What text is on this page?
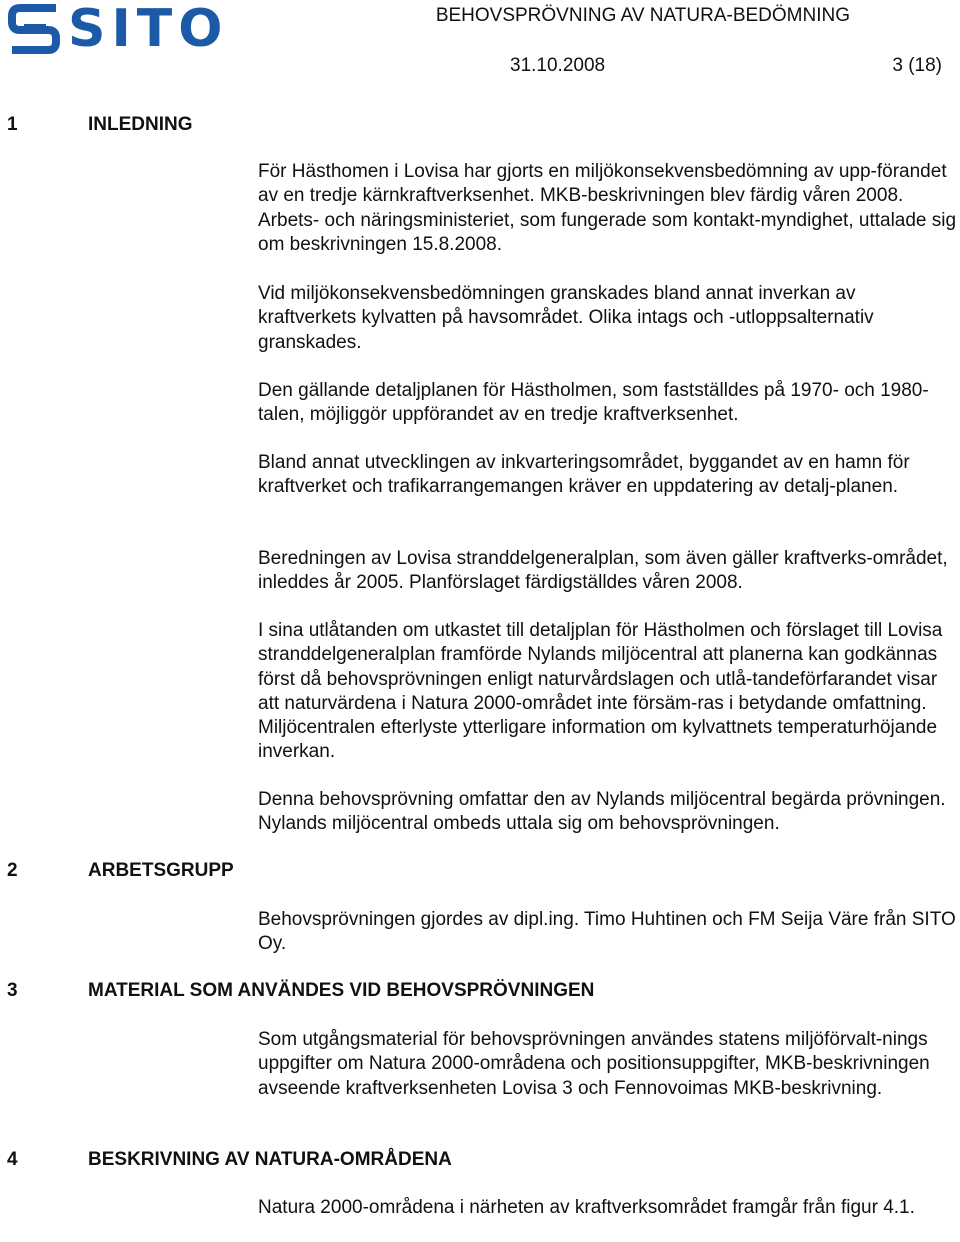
SITO	BEHOVSPRÖVNING AV NATURA-BEDÖMNING
31.10.2008	3 (18)
1	INLEDNING

För Hästhomen i Lovisa har gjorts en miljökonsekvensbedömning av upp-förandet av en tredje kärnkraftverksenhet. MKB-beskrivningen blev färdig våren 2008. Arbets- och näringsministeriet, som fungerade som kontakt-myndighet, uttalade sig om beskrivningen 15.8.2008.

Vid miljökonsekvensbedömningen granskades bland annat inverkan av kraftverkets kylvatten på havsområdet. Olika intags och -utloppsalternativ granskades.

Den gällande detaljplanen för Hästholmen, som fastställdes på 1970- och 1980-talen, möjliggör uppförandet av en tredje kraftverksenhet.

Bland annat utvecklingen av inkvarteringsområdet, byggandet av en hamn för kraftverket och trafikarrangemangen kräver en uppdatering av detalj-planen.

Beredningen av Lovisa stranddelgeneralplan, som även gäller kraftverks-området, inleddes år 2005. Planförslaget färdigställdes våren 2008.

I sina utlåtanden om utkastet till detaljplan för Hästholmen och förslaget till Lovisa stranddelgeneralplan framförde Nylands miljöcentral att planerna kan godkännas först då behovsprövningen enligt naturvårdslagen och utlå-tandeförfarandet visar att naturvärdena i Natura 2000-området inte försäm-ras i betydande omfattning. Miljöcentralen efterlyste ytterligare information om kylvattnets temperaturhöjande inverkan.

Denna behovsprövning omfattar den av Nylands miljöcentral begärda prövningen. Nylands miljöcentral ombeds uttala sig om behovsprövningen.

2	ARBETSGRUPP

Behovsprövningen gjordes av dipl.ing. Timo Huhtinen och FM Seija Väre från SITO Oy.

3	MATERIAL SOM ANVÄNDES VID BEHOVSPRÖVNINGEN

Som utgångsmaterial för behovsprövningen användes statens miljöförvalt-nings uppgifter om Natura 2000-områdena och positionsuppgifter, MKB-beskrivningen avseende kraftverksenheten Lovisa 3 och Fennovoimas MKB-beskrivning.

4	BESKRIVNING AV NATURA-OMRÅDENA

Natura 2000-områdena i närheten av kraftverksområdet framgår från figur 4.1.
